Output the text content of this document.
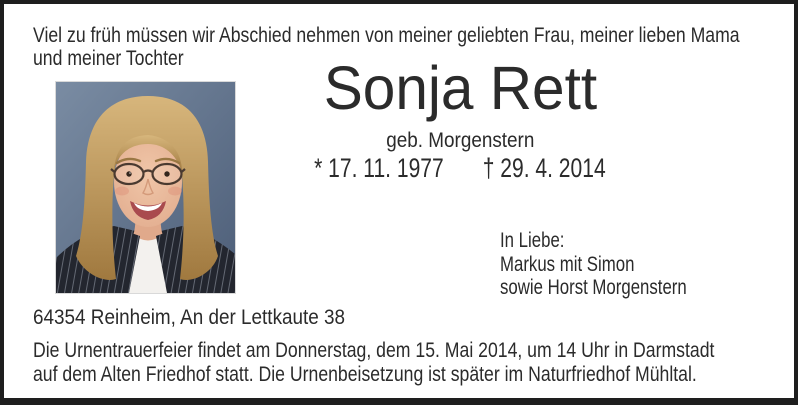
Viel zu früh müssen wir Abschied nehmen von meiner geliebten Frau, meiner lieben Mama
und meiner Tochter	Sonja Rett
geb. Morgenstern
* 17. 11. 1977 † 29. 4. 2014
In Liebe:
Markus mit Simon
sowie Horst Morgenstern
64354 Reinheim, An der Lettkaute 38
Die Urnentrauerfeier findet am Donnerstag, dem 15. Mai 2014, um 14 Uhr in Darmstadt
auf dem Alten Friedhof statt. Die Urnenbeisetzung ist später im Naturfriedhof Mühltal.
